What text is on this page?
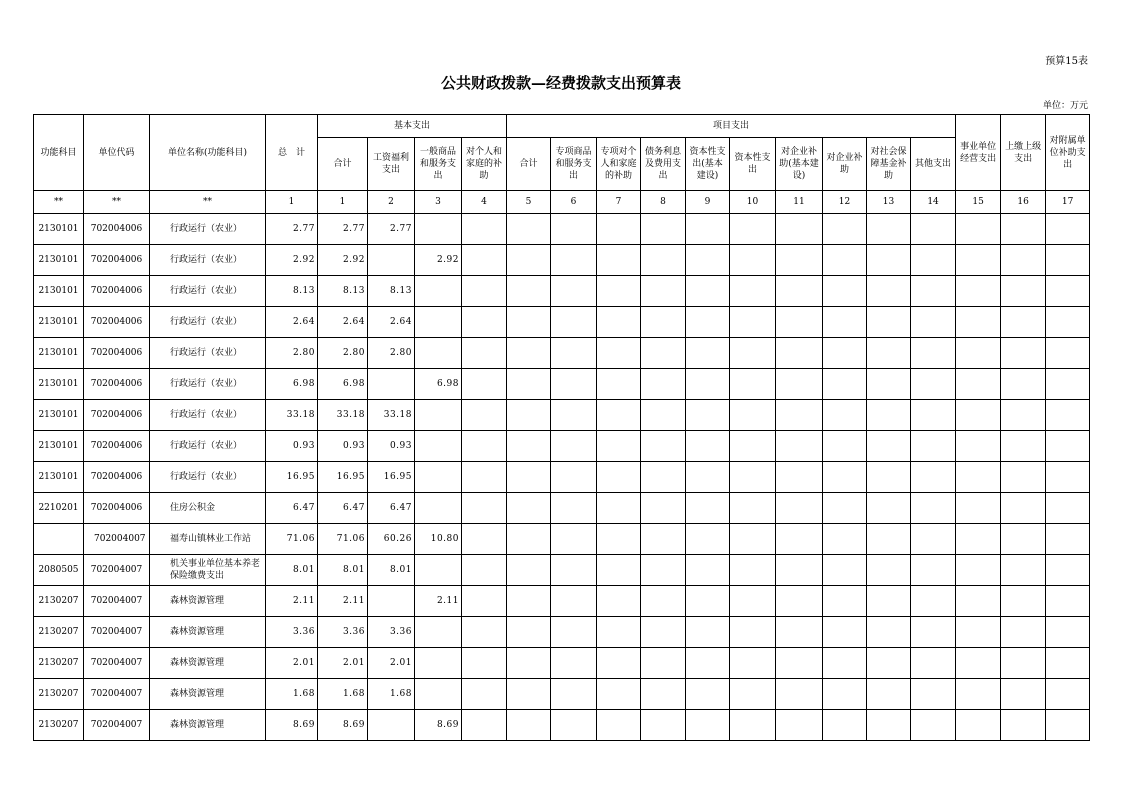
预算15表
公共财政拨款—经费拨款支出预算表
单位：万元
功能科目	单位代码	单位名称(功能科目)	总　计	基本支出				项目支出										事业单位经营支出	上缴上级支出	对附属单位补助支出
				合计	工资福利支出	一般商品和服务支出	对个人和家庭的补助	合计	专项商品和服务支出	专项对个人和家庭的补助	债务利息及费用支出	资本性支出(基本建设)	资本性支出	对企业补助(基本建设)	对企业补助	对社会保障基金补助	其他支出			
**	**	**	1	1	2	3	4	5	6	7	8	9	10	11	12	13	14	15	16	17
2130101	702004006	行政运行（农业）	2.77	2.77	2.77															
2130101	702004006	行政运行（农业）	2.92	2.92		2.92														
2130101	702004006	行政运行（农业）	8.13	8.13	8.13															
2130101	702004006	行政运行（农业）	2.64	2.64	2.64															
2130101	702004006	行政运行（农业）	2.80	2.80	2.80															
2130101	702004006	行政运行（农业）	6.98	6.98		6.98														
2130101	702004006	行政运行（农业）	33.18	33.18	33.18															
2130101	702004006	行政运行（农业）	0.93	0.93	0.93															
2130101	702004006	行政运行（农业）	16.95	16.95	16.95															
2210201	702004006	住房公积金	6.47	6.47	6.47															
	702004007	福寿山镇林业工作站	71.06	71.06	60.26	10.80														
2080505	702004007	机关事业单位基本养老保险缴费支出	8.01	8.01	8.01															
2130207	702004007	森林资源管理	2.11	2.11		2.11														
2130207	702004007	森林资源管理	3.36	3.36	3.36															
2130207	702004007	森林资源管理	2.01	2.01	2.01															
2130207	702004007	森林资源管理	1.68	1.68	1.68															
2130207	702004007	森林资源管理	8.69	8.69		8.69														
